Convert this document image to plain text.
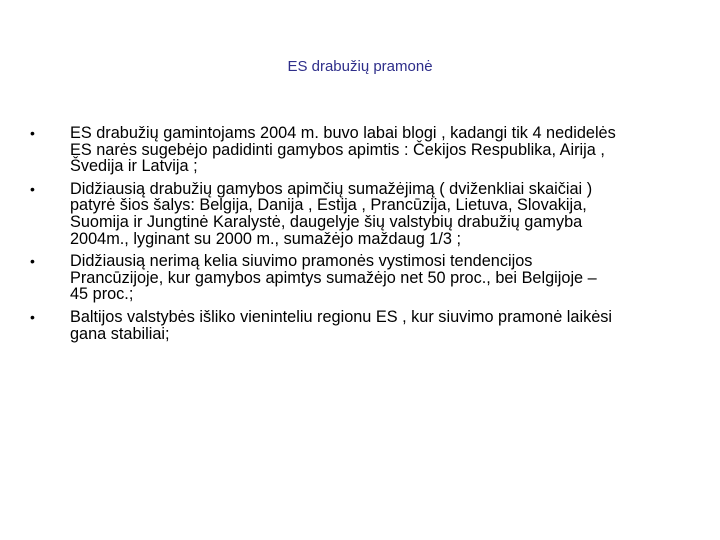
ES drabužių pramonė
• ES drabužių gamintojams 2004 m. buvo labai blogi , kadangi tik 4 nedidelės
ES narės sugebėjo padidinti gamybos apimtis : Čekijos Respublika, Airija ,
Švedija ir Latvija ;
• Didžiausią drabužių gamybos apimčių sumažėjimą ( dviženkliai skaičiai )
patyrė šios šalys: Belgija, Danija , Estija , Prancūzija, Lietuva, Slovakija,
Suomija ir Jungtinė Karalystė, daugelyje šių valstybių drabužių gamyba
2004m., lyginant su 2000 m., sumažėjo maždaug 1/3 ;
• Didžiausią nerimą kelia siuvimo pramonės vystimosi tendencijos
Prancūzijoje, kur gamybos apimtys sumažėjo net 50 proc., bei Belgijoje –
45 proc.;
• Baltijos valstybės išliko vieninteliu regionu ES , kur siuvimo pramonė laikėsi
gana stabiliai;
